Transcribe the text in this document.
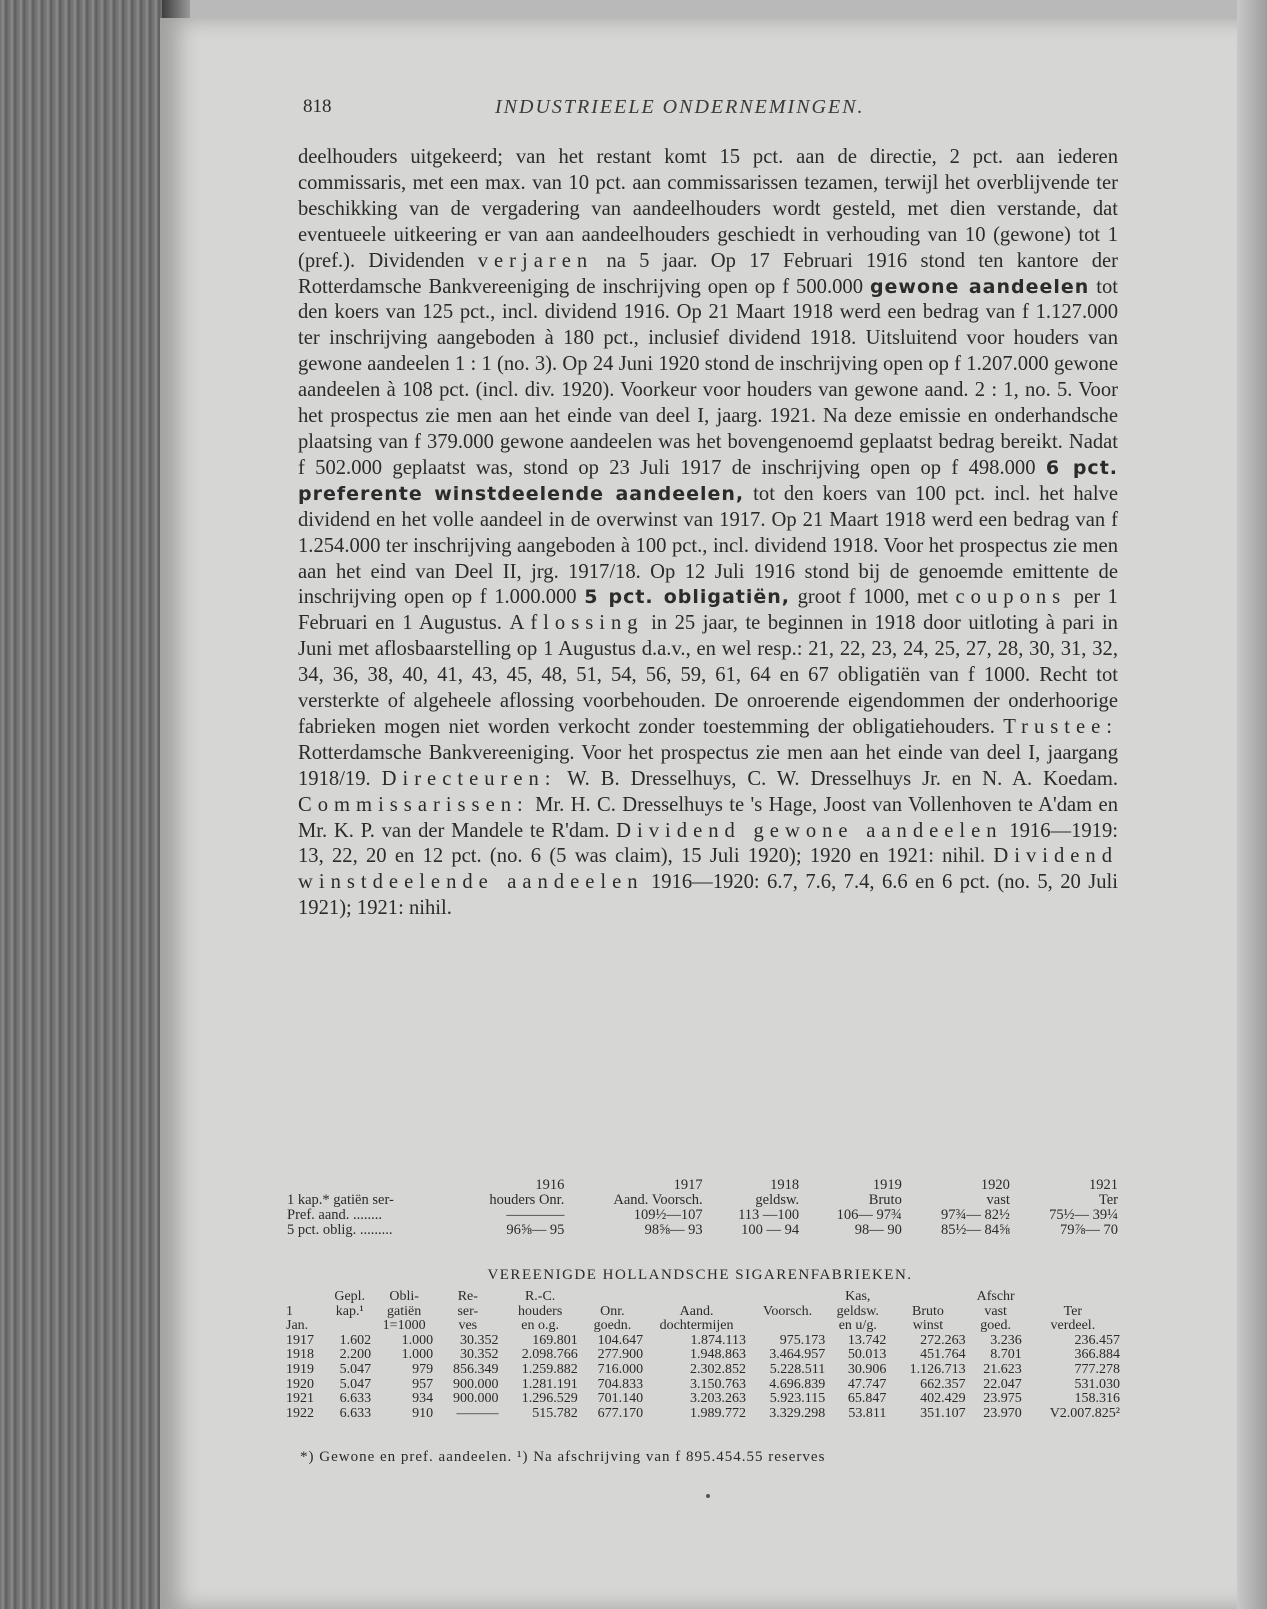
818	INDUSTRIEELE ONDERNEMINGEN.
deelhouders uitgekeerd; van het restant komt 15 pct. aan de directie, 2 pct. aan iederen commissaris, met een max. van 10 pct. aan commissarissen tezamen, terwijl het overblijvende ter beschikking van de vergadering van aandeelhouders wordt gesteld, met dien verstande, dat eventueele uitkeering er van aan aandeelhouders geschiedt in verhouding van 10 (gewone) tot 1 (pref.). Dividenden verjaren na 5 jaar. Op 17 Februari 1916 stond ten kantore der Rotterdamsche Bankvereeniging de inschrijving open op f 500.000 gewone aandeelen tot den koers van 125 pct., incl. dividend 1916. Op 21 Maart 1918 werd een bedrag van f 1.127.000 ter inschrijving aangeboden à 180 pct., inclusief dividend 1918. Uitsluitend voor houders van gewone aandeelen 1 : 1 (no. 3). Op 24 Juni 1920 stond de inschrijving open op f 1.207.000 gewone aandeelen à 108 pct. (incl. div. 1920). Voorkeur voor houders van gewone aand. 2 : 1, no. 5. Voor het prospectus zie men aan het einde van deel I, jaarg. 1921. Na deze emissie en onderhandsche plaatsing van f 379.000 gewone aandeelen was het bovengenoemd geplaatst bedrag bereikt. Nadat f 502.000 geplaatst was, stond op 23 Juli 1917 de inschrijving open op f 498.000 6 pct. preferente winstdeelende aandeelen, tot den koers van 100 pct. incl. het halve dividend en het volle aandeel in de overwinst van 1917. Op 21 Maart 1918 werd een bedrag van f 1.254.000 ter inschrijving aangeboden à 100 pct., incl. dividend 1918. Voor het prospectus zie men aan het eind van Deel II, jrg. 1917/18. Op 12 Juli 1916 stond bij de genoemde emittente de inschrijving open op f 1.000.000 5 pct. obligatiën, groot f 1000, met coupons per 1 Februari en 1 Augustus. Aflossing in 25 jaar, te beginnen in 1918 door uitloting à pari in Juni met aflosbaarstelling op 1 Augustus d.a.v., en wel resp.: 21, 22, 23, 24, 25, 27, 28, 30, 31, 32, 34, 36, 38, 40, 41, 43, 45, 48, 51, 54, 56, 59, 61, 64 en 67 obligatiën van f 1000. Recht tot versterkte of algeheele aflossing voorbehouden. De onroerende eigendommen der onderhoorige fabrieken mogen niet worden verkocht zonder toestemming der obligatiehouders. Trustee: Rotterdamsche Bankvereeniging. Voor het prospectus zie men aan het einde van deel I, jaargang 1918/19. Directeuren: W. B. Dresselhuys, C. W. Dresselhuys Jr. en N. A. Koedam. Commissarissen: Mr. H. C. Dresselhuys te 's Hage, Joost van Vollenhoven te A'dam en Mr. K. P. van der Mandele te R'dam. Dividend gewone aandeelen 1916—1919: 13, 22, 20 en 12 pct. (no. 6 (5 was claim), 15 Juli 1920); 1920 en 1921: nihil. Dividend winstdeelende aandeelen 1916—1920: 6.7, 7.6, 7.4, 6.6 en 6 pct. (no. 5, 20 Juli 1921); 1921: nihil.
	1916	1917	1918	1919	1920	1921
1 kap.* gatiën ser-	houders Onr.	Aand. Voorsch.	geldsw.	Bruto	vast	Ter
Pref. aand. ........	————	109½—107	113 —100	106— 97¾	97¾— 82½	75½— 39¼
5 pct. oblig. .........	96⅝— 95	98⅝— 93	100 — 94	98— 90	85½— 84⅝	79⅞— 70
VEREENIGDE HOLLANDSCHE SIGARENFABRIEKEN.
	Gepl.	Obli-	Re-	R.-C.				Kas,		Afschr	
1	kap.¹	gatiën	ser-	houders	Onr.	Aand.	Voorsch.	geldsw.	Bruto	vast	Ter
Jan.		1=1000	ves	en o.g.	goedn.	dochtermijen		en u/g.	winst	goed.	verdeel.
1917	1.602	1.000	30.352	169.801	104.647	1.874.113	975.173	13.742	272.263	3.236	236.457
1918	2.200	1.000	30.352	2.098.766	277.900	1.948.863	3.464.957	50.013	451.764	8.701	366.884
1919	5.047	979	856.349	1.259.882	716.000	2.302.852	5.228.511	30.906	1.126.713	21.623	777.278
1920	5.047	957	900.000	1.281.191	704.833	3.150.763	4.696.839	47.747	662.357	22.047	531.030
1921	6.633	934	900.000	1.296.529	701.140	3.203.263	5.923.115	65.847	402.429	23.975	158.316
1922	6.633	910	———	515.782	677.170	1.989.772	3.329.298	53.811	351.107	23.970	V2.007.825²
*) Gewone en pref. aandeelen. ¹) Na afschrijving van f 895.454.55 reserves
